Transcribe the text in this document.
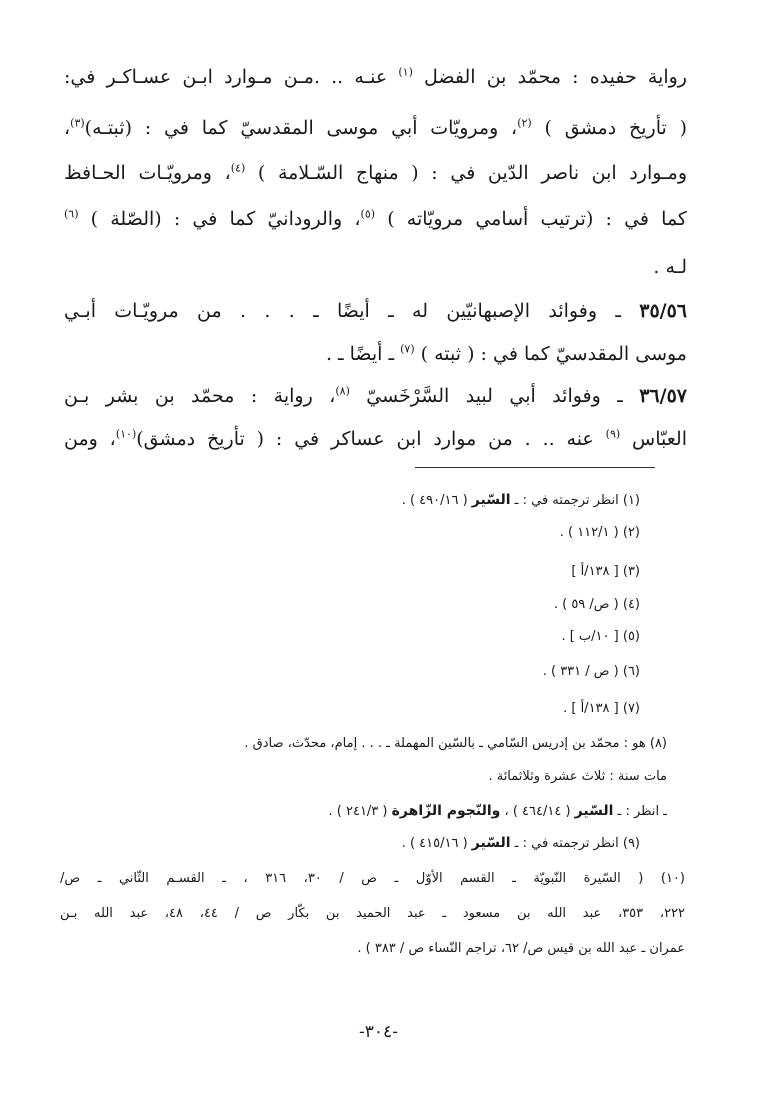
رواية حفيده : محمّد بن الفضل $^{(١)}$ عنـه .. .مـن مـوارد ابـن عسـاكـر في:
( تأريخ دمشق ) $^{(٢)}$، ومرويّات أبي موسى المقدسيّ كما في : (ثبتـه)$^{(٣)}$،
ومـوارد ابن ناصر الدّين في : ( منهاج السّـلامة ) $^{(٤)}$، ومرويّـات الحـافظ
كما في : (ترتيب أسامي مرويّاته ) $^{(٥)}$، والرودانيّ كما في : (الصّلة ) $^{(٦)}$
لـه .
٣٥/٥٦ ـ وفوائد الإصبهانيّين له ـ أيضًا ـ . . . من مرويّـات أبـي
موسى المقدسيّ كما في : ( ثبته ) $^{(٧)}$ ـ أيضًا ـ .
٣٦/٥٧ ـ وفوائد أبي لبيد السَّرْخَسيّ $^{(٨)}$، رواية : محمّد بن بشر بـن
العبّاس $^{(٩)}$ عنه .. . من موارد ابن عساكر في : ( تأريخ دمشق)$^{(١٠)}$، ومن
(١) انظر ترجمته في : ـ السّير ( ٤٩٠/١٦ ) .
(٢) ( ١١٢/١ ) .
(٣) [ ١٣٨/أ ]
(٤) ( ص/ ٥٩ ) .
(٥) [ ١٠/ب ] .
(٦) ( ص / ٣٣١ ) .
(٧) [ ١٣٨/أ ] .
(٨) هو : محمّد بن إدريس السّامي ـ بالسّين المهملة ـ . . . إمام، محدّث، صادق .
مات سنة : ثلاث عشرة وثلاثمائة .
ـ انظر : ـ السّير ( ٤٦٤/١٤ ) ، والنّجوم الزّاهرة ( ٢٤١/٣ ) .
(٩) انظر ترجمته في : ـ السّير ( ٤١٥/١٦ ) .
(١٠) ( السّيرة النّبويّة ـ القسم الأوّل ـ ص / ٣٠، ٣١٦ ، ـ القسـم الثّاني ـ ص/
٢٢٢، ٣٥٣، عبد الله بن مسعود ـ عبد الحميد بن بكّار ص / ٤٤، ٤٨، عبد الله بـن
عمران ـ عبد الله بن قيس ص/ ٦٢، تراجم النّساء ص / ٣٨٣ ) .
-٣٠٤-
